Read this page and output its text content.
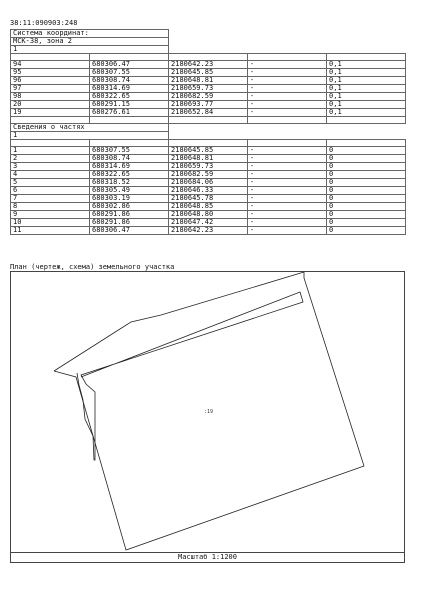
38:11:090903:248
Система координат:				
МСК-38, зона 2				
1				

94	680306.47	2180642.23	-	0,1
95	680307.55	2180645.85	-	0,1
96	680308.74	2180648.81	-	0,1
97	680314.69	2180659.73	-	0,1
98	680322.65	2180682.59	-	0,1
20	680291.15	2180693.77	-	0,1
19	680276.61	2180652.84	-	0,1

Сведения о частях				
1				

1	680307.55	2180645.85	-	0
2	680308.74	2180648.81	-	0
3	680314.69	2180659.73	-	0
4	680322.65	2180682.59	-	0
5	680318.52	2180684.06	-	0
6	680305.49	2180646.33	-	0
7	680303.19	2180645.78	-	0
8	680302.86	2180648.85	-	0
9	680291.86	2180648.80	-	0
10	680291.86	2180647.42	-	0
11	680306.47	2180642.23	-	0
План (чертеж, схема) земельного участка
:19
Масштаб 1:1200
